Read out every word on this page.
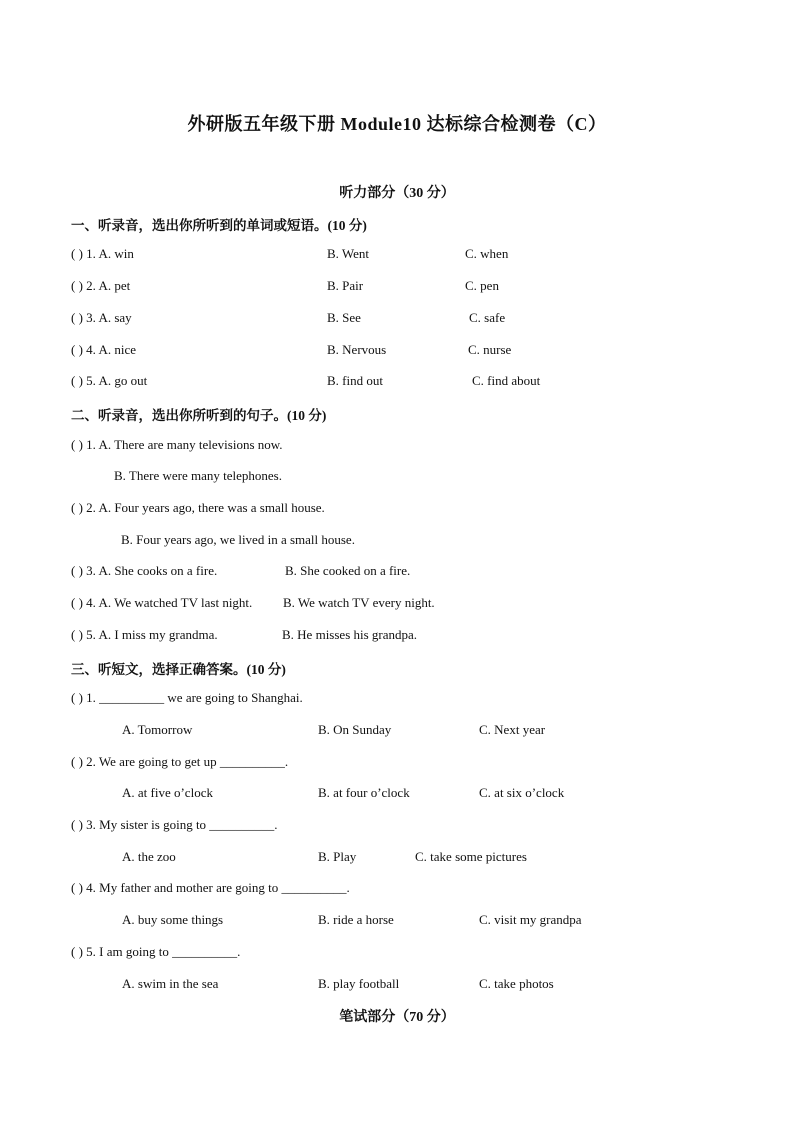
外研版五年级下册 Module10 达标综合检测卷（C）
听力部分（30 分）
一、听录音，选出你所听到的单词或短语。(10 分)
( ) 1. A. win	B. Went	C. when
( ) 2. A. pet	B. Pair	C. pen
( ) 3. A. say	B. See	C. safe
( ) 4. A. nice	B. Nervous	C. nurse
( ) 5. A. go out	B. find out	C. find about
二、听录音，选出你所听到的句子。(10 分)
( ) 1. A. There are many televisions now.
B. There were many telephones.
( ) 2. A. Four years ago, there was a small house.
B. Four years ago, we lived in a small house.
( ) 3. A. She cooks on a fire.	B. She cooked on a fire.
( ) 4. A. We watched TV last night. B. We watch TV every night.
( ) 5. A. I miss my grandma.	B. He misses his grandpa.
三、听短文，选择正确答案。(10 分)
( ) 1. __________ we are going to Shanghai.
A. Tomorrow	B. On Sunday	C. Next year
( ) 2. We are going to get up __________.
A. at five o’clock	B. at four o’clock	C. at six o’clock
( ) 3. My sister is going to __________.
A. the zoo	B. Play	C. take some pictures
( ) 4. My father and mother are going to __________.
A. buy some things	B. ride a horse	C. visit my grandpa
( ) 5. I am going to __________.
A. swim in the sea	B. play football	C. take photos
笔试部分（70 分）
